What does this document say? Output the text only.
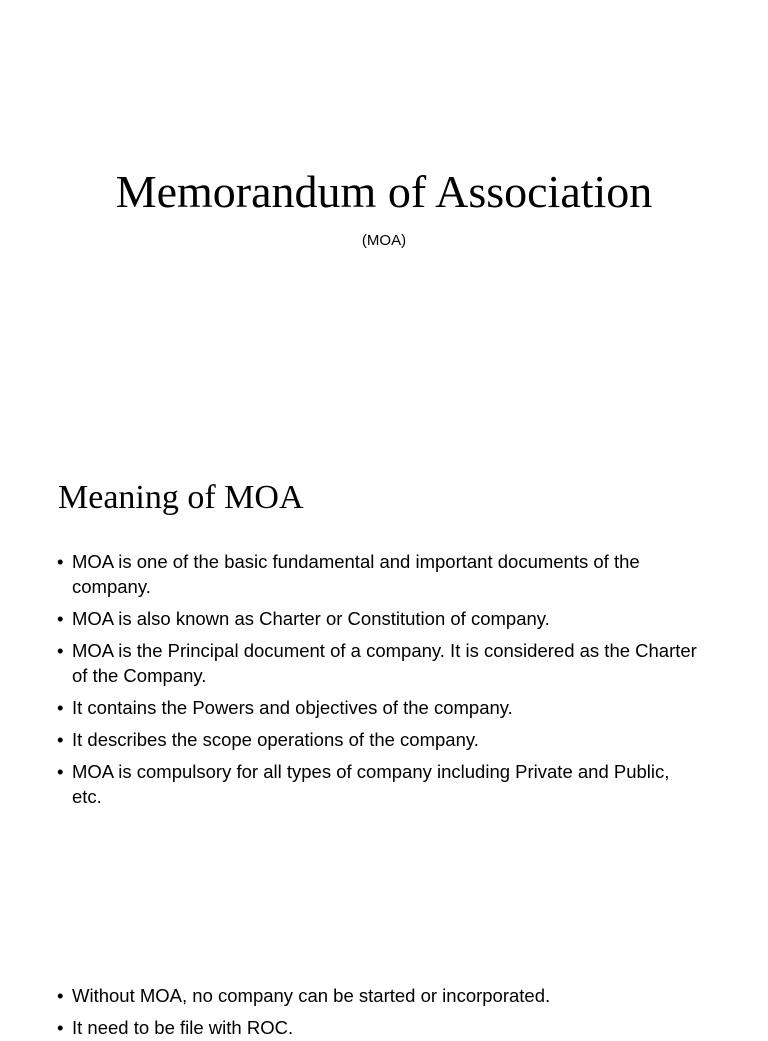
Memorandum of Association
(MOA)
Meaning of MOA
• MOA is one of the basic fundamental and important documents of the company.
• MOA is also known as Charter or Constitution of company.
• MOA is the Principal document of a company. It is considered as the Charter of the Company.
• It contains the Powers and objectives of the company.
• It describes the scope operations of the company.
• MOA is compulsory for all types of company including Private and Public, etc.
• Without MOA, no company can be started or incorporated.
• It need to be file with ROC.
